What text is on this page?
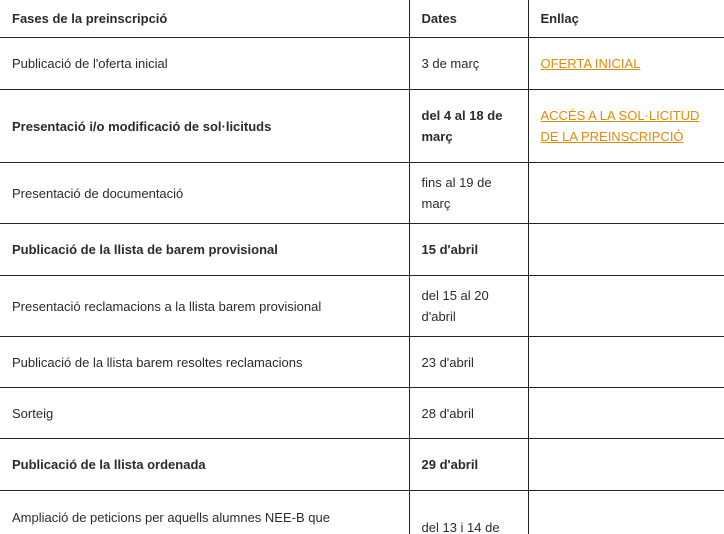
Fases de la preinscripció	Dates	Enllaç
Publicació de l'oferta inicial	3 de març	OFERTA INICIAL
Presentació i/o modificació de sol·licituds	del 4 al 18 de març	ACCÉS A LA SOL·LICITUD DE LA PREINSCRIPCIÓ
Presentació de documentació	fins al 19 de març	
Publicació de la llista de barem provisional	15 d'abril	
Presentació reclamacions a la llista barem provisional	del 15 al 20 d'abril	
Publicació de la llista barem resoltes reclamacions	23 d'abril	
Sorteig	28 d'abril	
Publicació de la llista ordenada	29 d'abril	
Ampliació de peticions per aquells alumnes NEE-B que	del 13 i 14 de	
